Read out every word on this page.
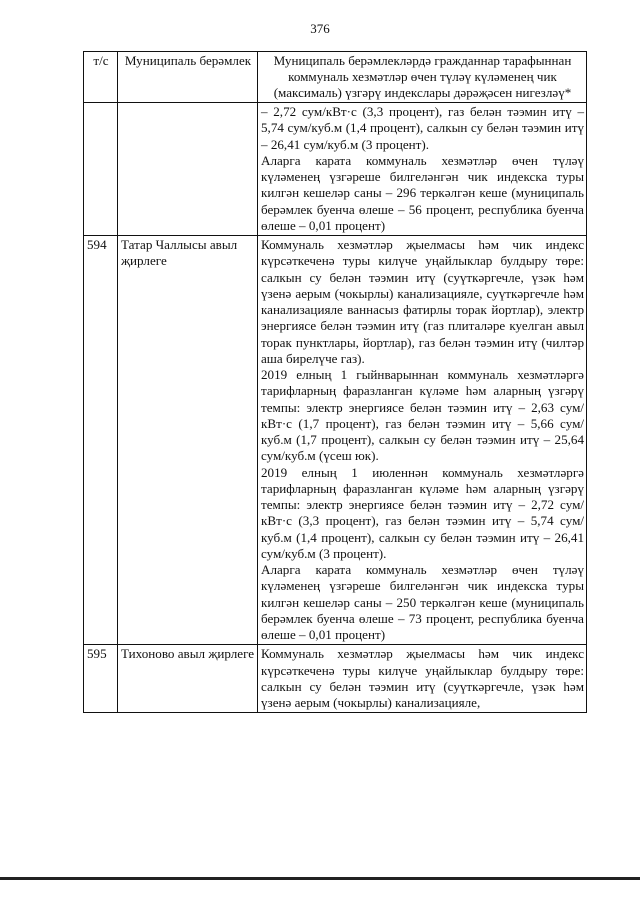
376
т/с	Муниципаль берәмлек	Муниципаль берәмлекләрдә гражданнар тарафыннан коммуналь хезмәтләр өчен түләү күләменең чик (максималь) үзгәрү индекслары дәрәҗәсен нигезләү*

		– 2,72 сум/кВт·с (3,3 процент), газ белән тәэмин итү – 5,74 сум/куб.м (1,4 процент), салкын су белән тәэмин итү – 26,41 сум/куб.м (3 процент).
Аларга карата коммуналь хезмәтләр өчен түләү күләменең үзгәреше билгеләнгән чик индекска туры килгән кешеләр саны – 296 теркәлгән кеше (муниципаль берәмлек буенча өлеше – 56 процент, республика буенча өлеше – 0,01 процент)

594	Татар Чаллысы авыл җирлеге	Коммуналь хезмәтләр җыелмасы һәм чик индекс күрсәткеченә туры килүче уңайлыклар булдыру төре: салкын су белән тәэмин итү (суүткәргечле, үзәк һәм үзенә аерым (чокырлы) канализацияле, суүткәргечле һәм канализацияле ваннасыз фатирлы торак йортлар), электр энергиясе белән тәэмин итү (газ плиталәре куелган авыл торак пунктлары, йортлар), газ белән тәэмин итү (чилтәр аша бирелүче газ).
2019 елның 1 гыйнварыннан коммуналь хезмәтләргә тарифларның фаразланган күләме һәм аларның үзгәрү темпы: электр энергиясе белән тәэмин итү – 2,63 сум/кВт·с (1,7 процент), газ белән тәэмин итү – 5,66 сум/куб.м (1,7 процент), салкын су белән тәэмин итү – 25,64 сум/куб.м (үсеш юк).
2019 елның 1 июленнән коммуналь хезмәтләргә тарифларның фаразланган күләме һәм аларның үзгәрү темпы: электр энергиясе белән тәэмин итү – 2,72 сум/кВт·с (3,3 процент), газ белән тәэмин итү – 5,74 сум/куб.м (1,4 процент), салкын су белән тәэмин итү – 26,41 сум/куб.м (3 процент).
Аларга карата коммуналь хезмәтләр өчен түләү күләменең үзгәреше билгеләнгән чик индекска туры килгән кешеләр саны – 250 теркәлгән кеше (муниципаль берәмлек буенча өлеше – 73 процент, республика буенча өлеше – 0,01 процент)

595	Тихоново авыл җирлеге	Коммуналь хезмәтләр җыелмасы һәм чик индекс күрсәткеченә туры килүче уңайлыклар булдыру төре: салкын су белән тәэмин итү (суүткәргечле, үзәк һәм үзенә аерым (чокырлы) канализацияле,
